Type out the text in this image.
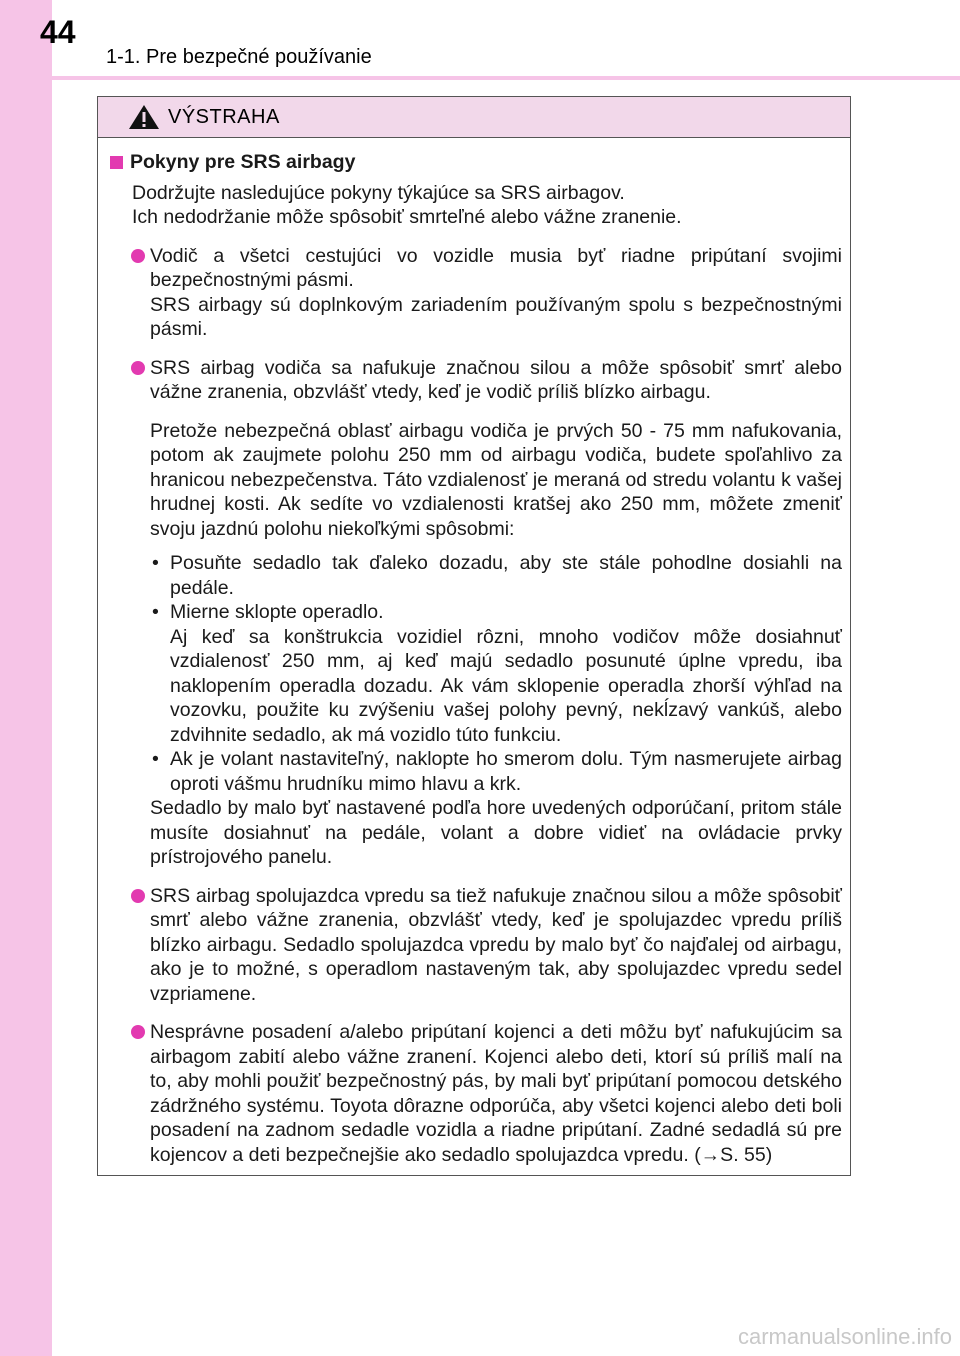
44
1-1. Pre bezpečné používanie
VÝSTRAHA
Pokyny pre SRS airbagy

Dodržujte nasledujúce pokyny týkajúce sa SRS airbagov.

Ich nedodržanie môže spôsobiť smrteľné alebo vážne zranenie.

Vodič a všetci cestujúci vo vozidle musia byť riadne pripútaní svojimi bezpečnostnými pásmi.

SRS airbagy sú doplnkovým zariadením používaným spolu s bezpečnostnými pásmi.

SRS airbag vodiča sa nafukuje značnou silou a môže spôsobiť smrť alebo vážne zranenia, obzvlášť vtedy, keď je vodič príliš blízko airbagu.

Pretože nebezpečná oblasť airbagu vodiča je prvých 50 - 75 mm nafukovania, potom ak zaujmete polohu 250 mm od airbagu vodiča, budete spoľahlivo za hranicou nebezpečenstva. Táto vzdialenosť je meraná od stredu volantu k vašej hrudnej kosti. Ak sedíte vo vzdialenosti kratšej ako 250 mm, môžete zmeniť svoju jazdnú polohu niekoľkými spôsobmi:

• Posuňte sedadlo tak ďaleko dozadu, aby ste stále pohodlne dosiahli na pedále.

• Mierne sklopte operadlo.

Aj keď sa konštrukcia vozidiel rôzni, mnoho vodičov môže dosiahnuť vzdialenosť 250 mm, aj keď majú sedadlo posunuté úplne vpredu, iba naklopením operadla dozadu. Ak vám sklopenie operadla zhorší výhľad na vozovku, použite ku zvýšeniu vašej polohy pevný, nekĺzavý vankúš, alebo zdvihnite sedadlo, ak má vozidlo túto funkciu.

• Ak je volant nastaviteľný, naklopte ho smerom dolu. Tým nasmerujete airbag oproti vášmu hrudníku mimo hlavu a krk.

Sedadlo by malo byť nastavené podľa hore uvedených odporúčaní, pritom stále musíte dosiahnuť na pedále, volant a dobre vidieť na ovládacie prvky prístrojového panelu.

SRS airbag spolujazdca vpredu sa tiež nafukuje značnou silou a môže spôsobiť smrť alebo vážne zranenia, obzvlášť vtedy, keď je spolujazdec vpredu príliš blízko airbagu. Sedadlo spolujazdca vpredu by malo byť čo najďalej od airbagu, ako je to možné, s operadlom nastaveným tak, aby spolujazdec vpredu sedel vzpriamene.

Nesprávne posadení a/alebo pripútaní kojenci a deti môžu byť nafukujúcim sa airbagom zabití alebo vážne zranení. Kojenci alebo deti, ktorí sú príliš malí na to, aby mohli použiť bezpečnostný pás, by mali byť pripútaní pomocou detského zádržného systému. Toyota dôrazne odporúča, aby všetci kojenci alebo deti boli posadení na zadnom sedadle vozidla a riadne pripútaní. Zadné sedadlá sú pre kojencov a deti bezpečnejšie ako sedadlo spolujazdca vpredu. (→S. 55)

carmanualsonline.info
